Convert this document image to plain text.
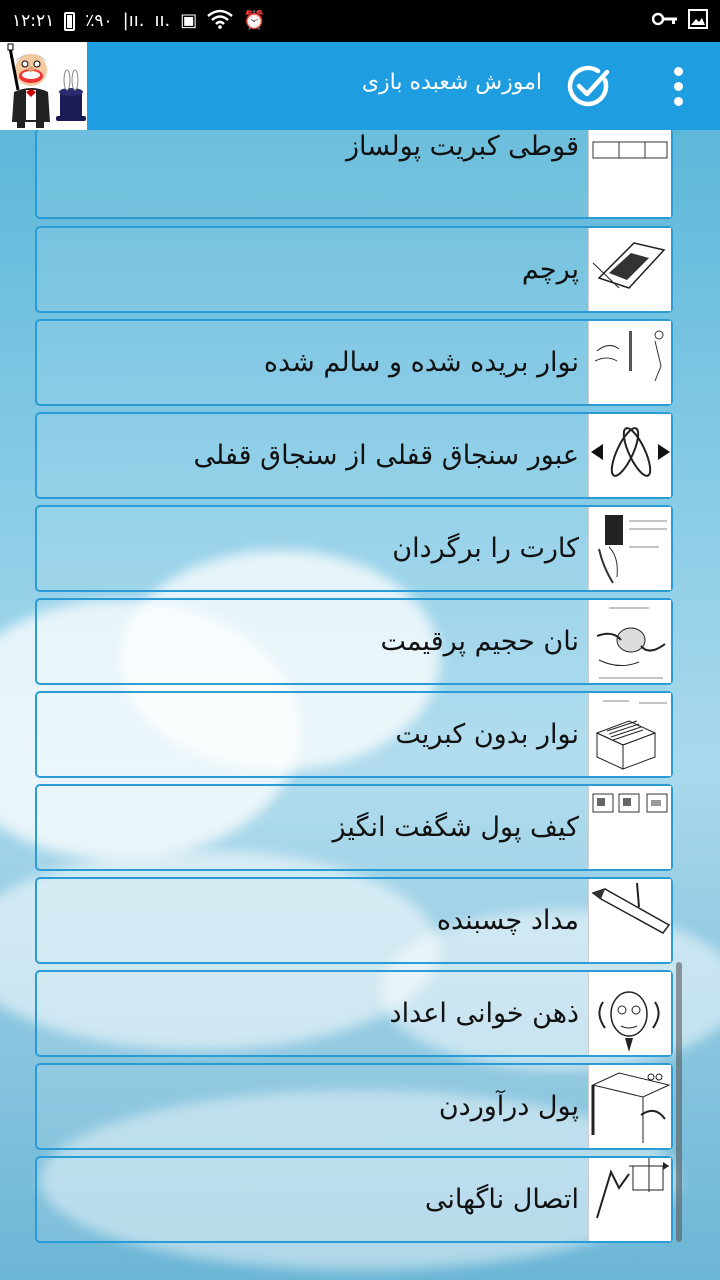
۱۲:۲۱ ٪۹۰ |ıı. ıı. ▣	⏰
اموزش شعبده بازی
قوطی کبریت پولساز
پرچم
نوار بریده شده و سالم شده
عبور سنجاق قفلی از سنجاق قفلی
کارت را برگردان
نان حجیم پرقیمت
نوار بدون کبریت
کیف پول شگفت انگیز
مداد چسبنده
ذهن خوانی اعداد
پول درآوردن
اتصال ناگهانی
